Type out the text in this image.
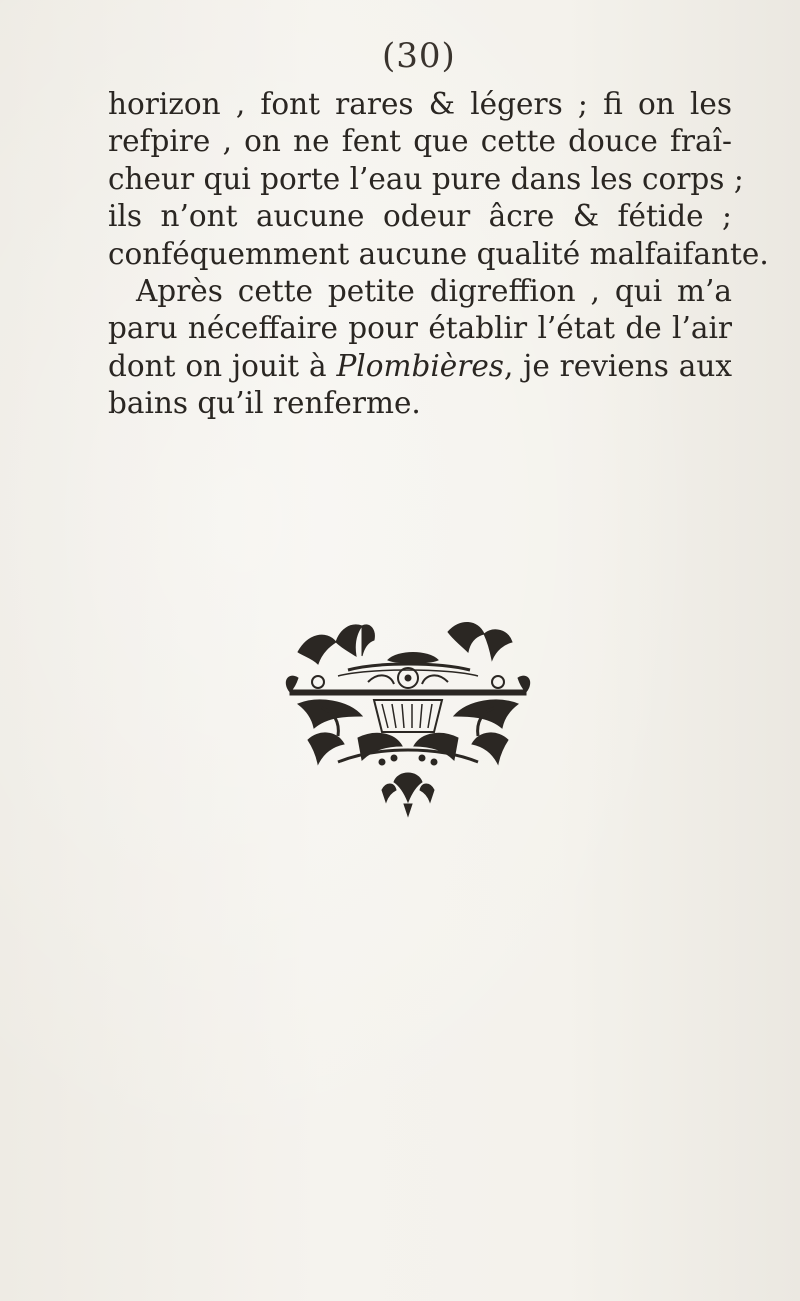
(30)
horizon , font rares & légers ; fi on les
refpire , on ne fent que cette douce fraî-
cheur qui porte l’eau pure dans les corps ;
ils n’ont aucune odeur âcre & fétide ;
conféquemment aucune qualité malfaifante.
Après cette petite digreffion , qui m’a
paru néceffaire pour établir l’état de l’air
dont on jouit à Plombières, je reviens aux
bains qu’il renferme.
